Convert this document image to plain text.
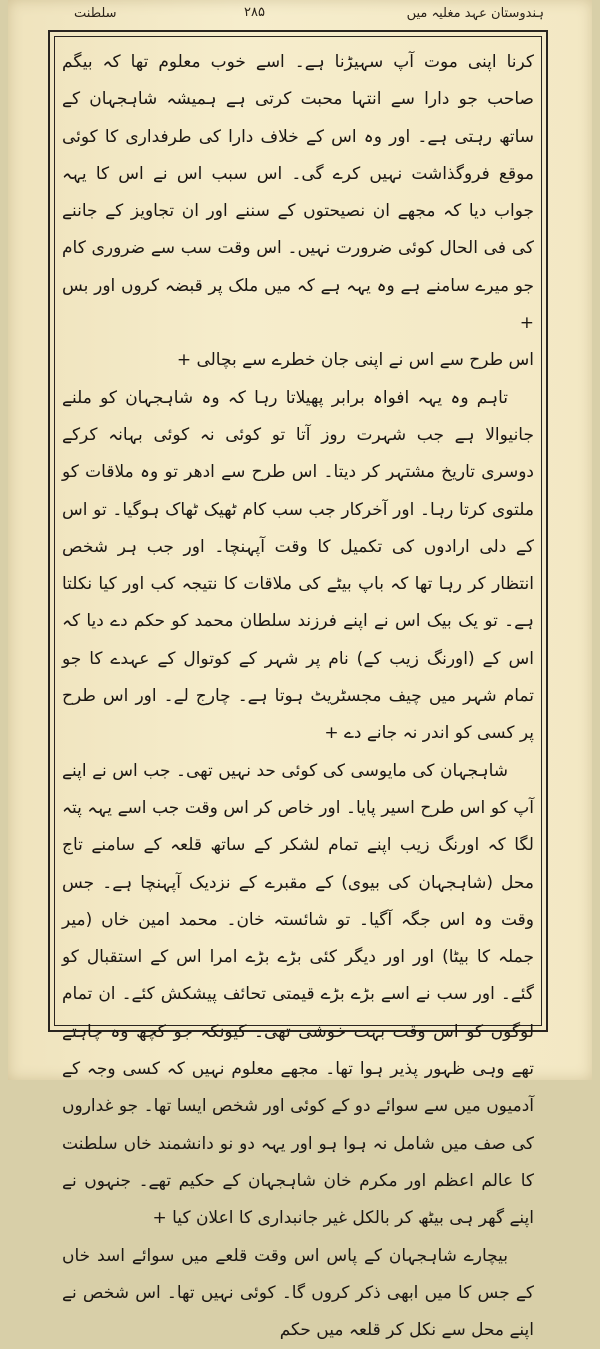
ہندوستان عہد مغلیہ میں
۲۸۵
سلطنت

کرنا اپنی موت آپ سہیڑنا ہے۔ اسے خوب معلوم تھا کہ بیگم صاحب جو دارا سے انتہا محبت کرتی ہے ہمیشہ شاہجہان کے ساتھ رہتی ہے۔ اور وہ اس کے خلاف دارا کی طرفداری کا کوئی موقع فروگذاشت نہیں کرے گی۔ اس سبب اس نے اس کا یہہ جواب دیا کہ مجھے ان نصیحتوں کے سننے اور ان تجاویز کے جاننے کی فی الحال کوئی ضرورت نہیں۔ اس وقت سب سے ضروری کام جو میرے سامنے ہے وہ یہہ ہے کہ میں ملک پر قبضہ کروں اور بس +

اس طرح سے اس نے اپنی جان خطرے سے بچالی +

تاہم وہ یہہ افواہ برابر پھیلاتا رہا کہ وہ شاہجہان کو ملنے جانیوالا ہے جب شہرت روز آتا تو کوئی نہ کوئی بہانہ کرکے دوسری تاریخ مشتہر کر دیتا۔ اس طرح سے ادھر تو وہ ملاقات کو ملتوی کرتا رہا۔ اور آخرکار جب سب کام ٹھیک ٹھاک ہوگیا۔ تو اس کے دلی ارادوں کی تکمیل کا وقت آپہنچا۔ اور جب ہر شخص انتظار کر رہا تھا کہ باپ بیٹے کی ملاقات کا نتیجہ کب اور کیا نکلتا ہے۔ تو یک بیک اس نے اپنے فرزند سلطان محمد کو حکم دے دیا کہ اس کے (اورنگ زیب کے) نام پر شہر کے کوتوال کے عہدے کا جو تمام شہر میں چیف مجسٹریٹ ہوتا ہے۔ چارج لے۔ اور اس طرح پر کسی کو اندر نہ جانے دے +

شاہجہان کی مایوسی کی کوئی حد نہیں تھی۔ جب اس نے اپنے آپ کو اس طرح اسیر پایا۔ اور خاص کر اس وقت جب اسے یہہ پتہ لگا کہ اورنگ زیب اپنے تمام لشکر کے ساتھ قلعہ کے سامنے تاج محل (شاہجہان کی بیوی) کے مقبرے کے نزدیک آپہنچا ہے۔ جس وقت وہ اس جگہ آگیا۔ تو شائستہ خان۔ محمد امین خاں (میر جملہ کا بیٹا) اور اور دیگر کئی بڑے بڑے امرا اس کے استقبال کو گئے۔ اور سب نے اسے بڑے بڑے قیمتی تحائف پیشکش کئے۔ ان تمام لوگوں کو اس وقت بہت خوشی تھی۔ کیونکہ جو کچھ وہ چاہتے تھے وہی ظہور پذیر ہوا تھا۔ مجھے معلوم نہیں کہ کسی وجہ کے آدمیوں میں سے سوائے دو کے کوئی اور شخص ایسا تھا۔ جو غداروں کی صف میں شامل نہ ہوا ہو اور یہہ دو نو دانشمند خاں سلطنت کا عالم اعظم اور مکرم خان شاہجہان کے حکیم تھے۔ جنہوں نے اپنے گھر ہی بیٹھ کر بالکل غیر جانبداری کا اعلان کیا +

بیچارے شاہجہان کے پاس اس وقت قلعے میں سوائے اسد خاں کے جس کا میں ابھی ذکر کروں گا۔ کوئی نہیں تھا۔ اس شخص نے اپنے محل سے نکل کر قلعہ میں حکم
